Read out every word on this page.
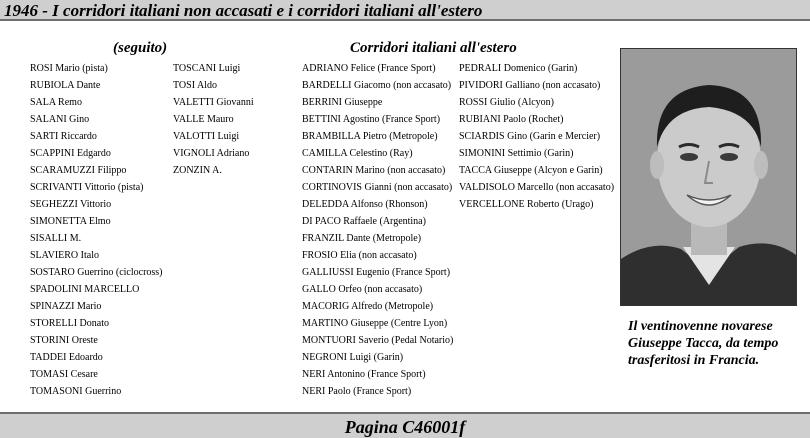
1946 - I corridori italiani non accasati e i corridori italiani all'estero
(seguito)	Corridori italiani all'estero
ROSI Mario (pista)
RUBIOLA Dante
SALA Remo
SALANI Gino
SARTI Riccardo
SCAPPINI Edgardo
SCARAMUZZI Filippo
SCRIVANTI Vittorio (pista)
SEGHEZZI Vittorio
SIMONETTA Elmo
SISALLI M.
SLAVIERO Italo
SOSTARO Guerrino (ciclocross)
SPADOLINI MARCELLO
SPINAZZI Mario
STORELLI Donato
STORINI Oreste
TADDEI Edoardo
TOMASI Cesare
TOMASONI Guerrino
TOSCANI Luigi
TOSI Aldo
VALETTI Giovanni
VALLE Mauro
VALOTTI Luigi
VIGNOLI Adriano
ZONZIN A.
ADRIANO Felice (France Sport)
BARDELLI Giacomo (non accasato)
BERRINI Giuseppe
BETTINI Agostino (France Sport)
BRAMBILLA Pietro (Metropole)
CAMILLA Celestino (Ray)
CONTARIN Marino (non accasato)
CORTINOVIS Gianni (non accasato)
DELEDDA Alfonso (Rhonson)
DI PACO Raffaele (Argentina)
FRANZIL Dante (Metropole)
FROSIO Elia (non accasato)
GALLIUSSI Eugenio (France Sport)
GALLO Orfeo (non accasato)
MACORIG Alfredo (Metropole)
MARTINO Giuseppe (Centre Lyon)
MONTUORI Saverio (Pedal Notario)
NEGRONI Luigi (Garin)
NERI Antonino (France Sport)
NERI Paolo (France Sport)
PEDRALI Domenico (Garin)
PIVIDORI Galliano (non accasato)
ROSSI Giulio (Alcyon)
RUBIANI Paolo (Rochet)
SCIARDIS Gino (Garin e Mercier)
SIMONINI Settimio (Garin)
TACCA Giuseppe (Alcyon e Garin)
VALDISOLO Marcello (non accasato)
VERCELLONE Roberto (Urago)

Il ventinovenne novarese
Giuseppe Tacca, da tempo
trasferitosi in Francia.

Pagina C46001f
